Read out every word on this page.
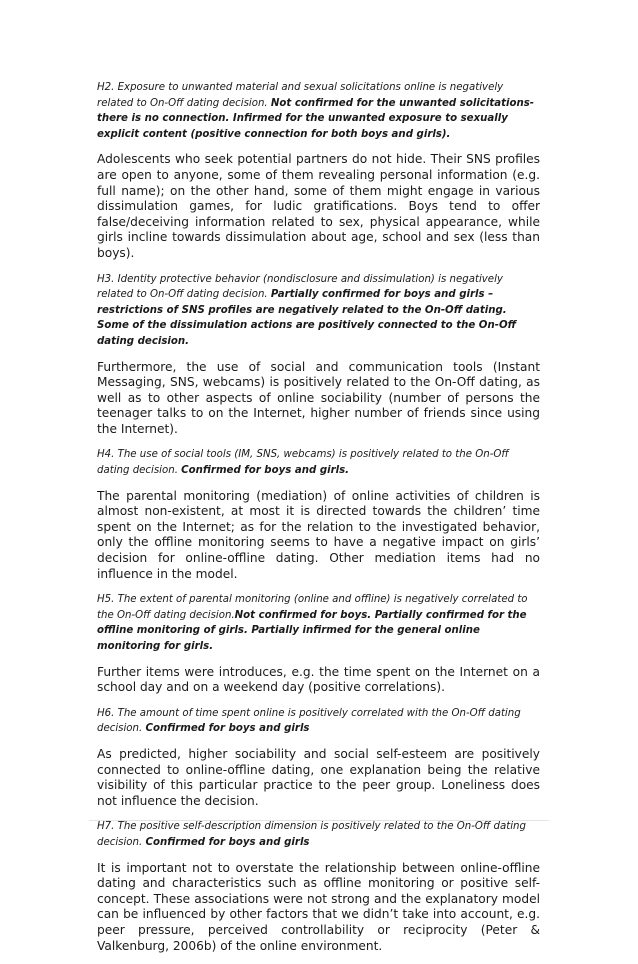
H2. Exposure to unwanted material and sexual solicitations online is negatively related to On-Off dating decision. Not confirmed for the unwanted solicitations- there is no connection. Infirmed for the unwanted exposure to sexually explicit content (positive connection for both boys and girls).

Adolescents who seek potential partners do not hide. Their SNS profiles are open to anyone, some of them revealing personal information (e.g. full name); on the other hand, some of them might engage in various dissimulation games, for ludic gratifications. Boys tend to offer false/deceiving information related to sex, physical appearance, while girls incline towards dissimulation about age, school and sex (less than boys).

H3. Identity protective behavior (nondisclosure and dissimulation) is negatively related to On-Off dating decision. Partially confirmed for boys and girls – restrictions of SNS profiles are negatively related to the On-Off dating. Some of the dissimulation actions are positively connected to the On-Off dating decision.

Furthermore, the use of social and communication tools (Instant Messaging, SNS, webcams) is positively related to the On-Off dating, as well as to other aspects of online sociability (number of persons the teenager talks to on the Internet, higher number of friends since using the Internet).

H4. The use of social tools (IM, SNS, webcams) is positively related to the On-Off dating decision. Confirmed for boys and girls.

The parental monitoring (mediation) of online activities of children is almost non-existent, at most it is directed towards the children’ time spent on the Internet; as for the relation to the investigated behavior, only the offline monitoring seems to have a negative impact on girls’ decision for online-offline dating. Other mediation items had no influence in the model.

H5. The extent of parental monitoring (online and offline) is negatively correlated to the On-Off dating decision.Not confirmed for boys. Partially confirmed for the offline monitoring of girls. Partially infirmed for the general online monitoring for girls.

Further items were introduces, e.g. the time spent on the Internet on a school day and on a weekend day (positive correlations).

H6. The amount of time spent online is positively correlated with the On-Off dating decision. Confirmed for boys and girls

As predicted, higher sociability and social self-esteem are positively connected to online-offline dating, one explanation being the relative visibility of this particular practice to the peer group. Loneliness does not influence the decision.

H7. The positive self-description dimension is positively related to the On-Off dating decision. Confirmed for boys and girls

It is important not to overstate the relationship between online-offline dating and characteristics such as offline monitoring or positive self-concept. These associations were not strong and the explanatory model can be influenced by other factors that we didn’t take into account, e.g. peer pressure, perceived controllability or reciprocity (Peter & Valkenburg, 2006b) of the online environment.
